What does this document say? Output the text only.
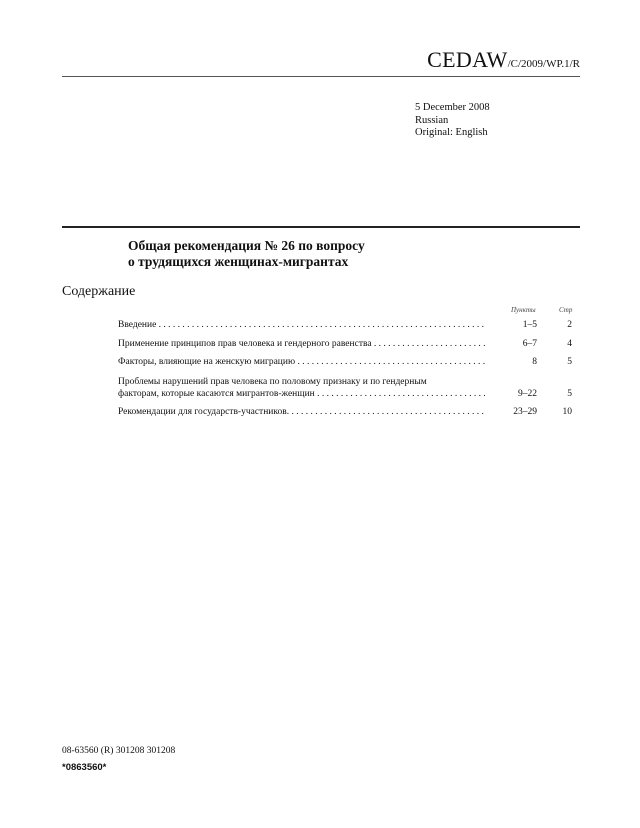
CEDAW/C/2009/WP.1/R
5 December 2008
Russian
Original: English
Общая рекомендация № 26 по вопросу
о трудящихся женщинах-мигрантах
Содержание
Пункты	Стр
Введение . . .	1–5	2
Применение принципов прав человека и гендерного равенства . . .	6–7	4
Факторы, влияющие на женскую миграцию . . .	8	5
Проблемы нарушений прав человека по половому признаку и по гендерным
факторам, которые касаются мигрантов-женщин . . .	9–22	5
Рекомендации для государств-участников. . . .	23–29	10
08-63560 (R) 301208 301208
*0863560*
